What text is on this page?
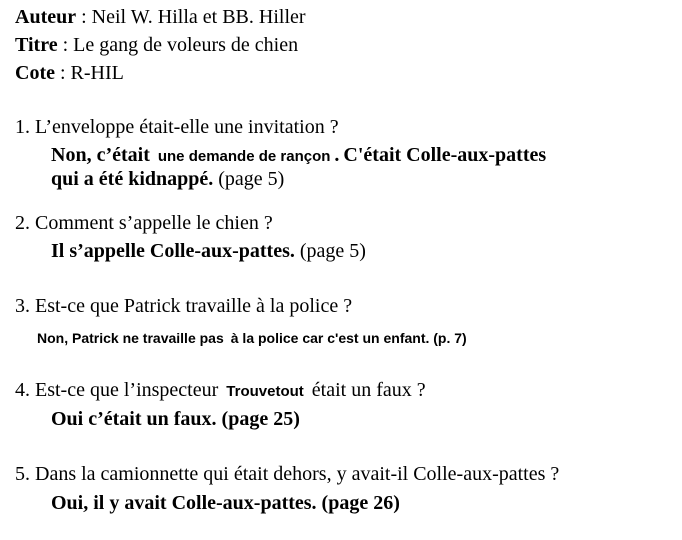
Auteur : Neil W. Hilla et BB. Hiller
Titre : Le gang de voleurs de chien
Cote : R-HIL
1. L’enveloppe était-elle une invitation ?
Non, c’était une demande de rançon . C'était Colle-aux-pattes
qui a été kidnappé. (page 5)
2. Comment s’appelle le chien ?
Il s’appelle Colle-aux-pattes. (page 5)
3. Est-ce que Patrick travaille à la police ?
Non, Patrick ne travaille pas à la police car c'est un enfant. (p. 7)
4. Est-ce que l’inspecteur Trouvetout était un faux ?
Oui c’était un faux. (page 25)
5. Dans la camionnette qui était dehors, y avait-il Colle-aux-pattes ?
Oui, il y avait Colle-aux-pattes. (page 26)
